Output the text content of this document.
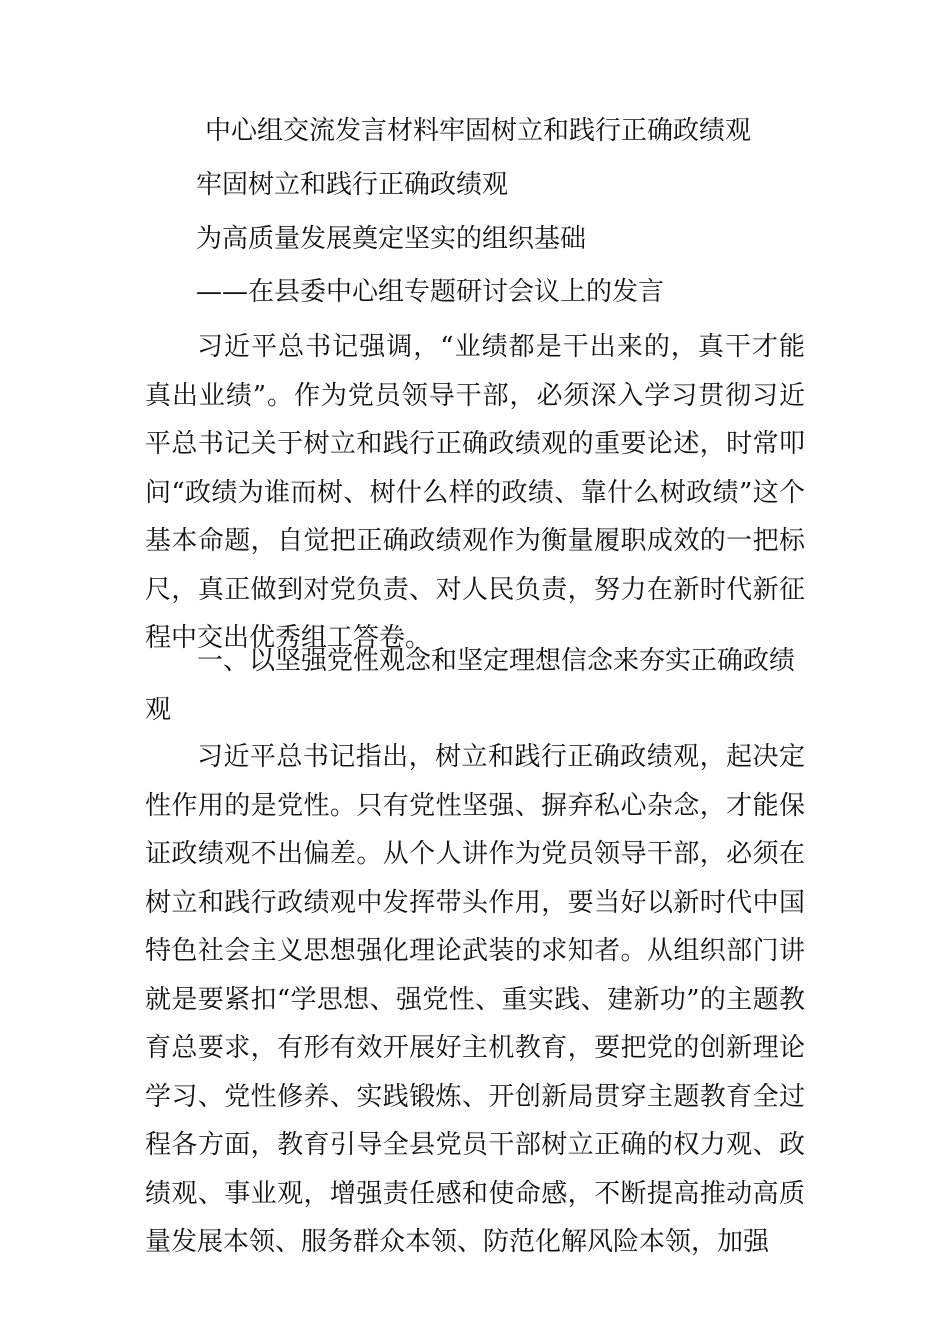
中心组交流发言材料牢固树立和践行正确政绩观
牢固树立和践行正确政绩观
为高质量发展奠定坚实的组织基础
——在县委中心组专题研讨会议上的发言

习近平总书记强调，“业绩都是干出来的，真干才能真出业绩”。作为党员领导干部，必须深入学习贯彻习近平总书记关于树立和践行正确政绩观的重要论述，时常叩问“政绩为谁而树、树什么样的政绩、靠什么树政绩”这个基本命题，自觉把正确政绩观作为衡量履职成效的一把标尺，真正做到对党负责、对人民负责，努力在新时代新征程中交出优秀组工答卷。

一、以坚强党性观念和坚定理想信念来夯实正确政绩观

习近平总书记指出，树立和践行正确政绩观，起决定性作用的是党性。只有党性坚强、摒弃私心杂念，才能保证政绩观不出偏差。从个人讲作为党员领导干部，必须在树立和践行政绩观中发挥带头作用，要当好以新时代中国特色社会主义思想强化理论武装的求知者。从组织部门讲就是要紧扣“学思想、强党性、重实践、建新功”的主题教育总要求，有形有效开展好主机教育，要把党的创新理论学习、党性修养、实践锻炼、开创新局贯穿主题教育全过程各方面，教育引导全县党员干部树立正确的权力观、政绩观、事业观，增强责任感和使命感，不断提高推动高质量发展本领、服务群众本领、防范化解风险本领，加强
